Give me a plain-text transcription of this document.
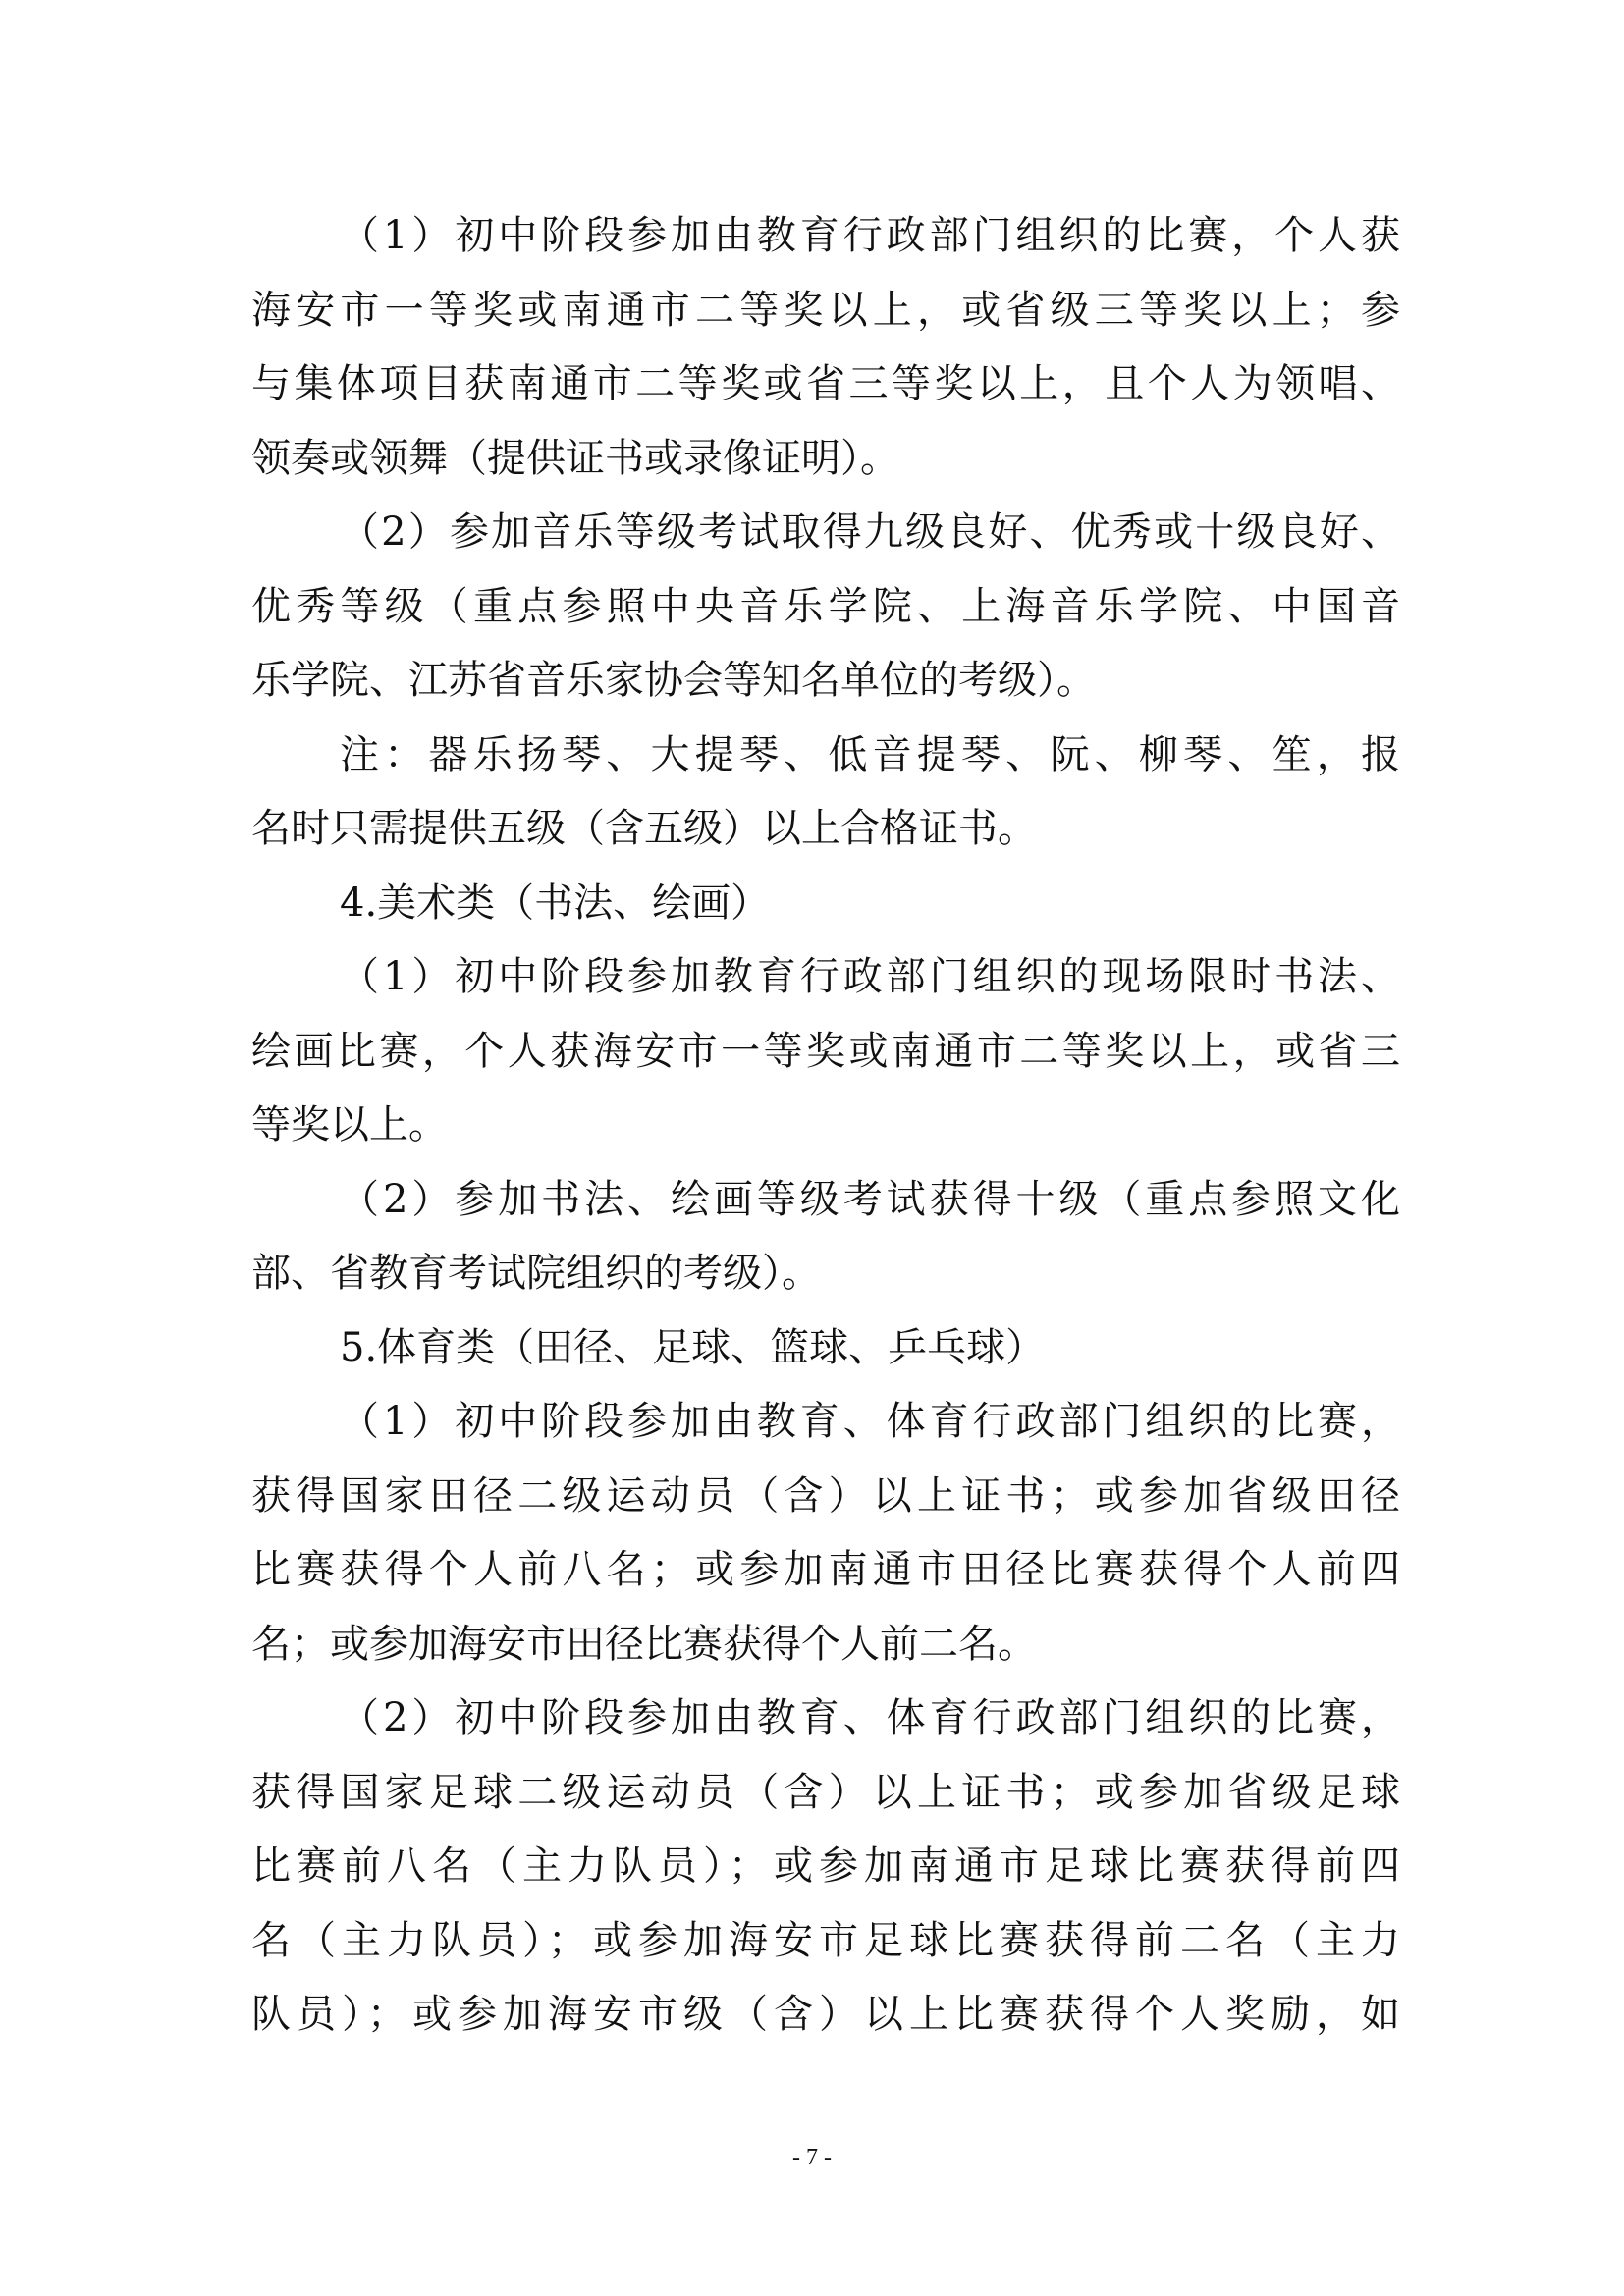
（1）初中阶段参加由教育行政部门组织的比赛，个人获
海安市一等奖或南通市二等奖以上，或省级三等奖以上；参
与集体项目获南通市二等奖或省三等奖以上，且个人为领唱、
领奏或领舞（提供证书或录像证明）。
（2）参加音乐等级考试取得九级良好、优秀或十级良好、
优秀等级（重点参照中央音乐学院、上海音乐学院、中国音
乐学院、江苏省音乐家协会等知名单位的考级）。
注：器乐扬琴、大提琴、低音提琴、阮、柳琴、笙，报
名时只需提供五级（含五级）以上合格证书。
4.美术类（书法、绘画）
（1）初中阶段参加教育行政部门组织的现场限时书法、
绘画比赛，个人获海安市一等奖或南通市二等奖以上，或省三
等奖以上。
（2）参加书法、绘画等级考试获得十级（重点参照文化
部、省教育考试院组织的考级）。
5.体育类（田径、足球、篮球、乒乓球）
（1）初中阶段参加由教育、体育行政部门组织的比赛，
获得国家田径二级运动员（含）以上证书；或参加省级田径
比赛获得个人前八名；或参加南通市田径比赛获得个人前四
名；或参加海安市田径比赛获得个人前二名。
（2）初中阶段参加由教育、体育行政部门组织的比赛，
获得国家足球二级运动员（含）以上证书；或参加省级足球
比赛前八名（主力队员）；或参加南通市足球比赛获得前四
名（主力队员）；或参加海安市足球比赛获得前二名（主力
队员）；或参加海安市级（含）以上比赛获得个人奖励，如
- 7 -
